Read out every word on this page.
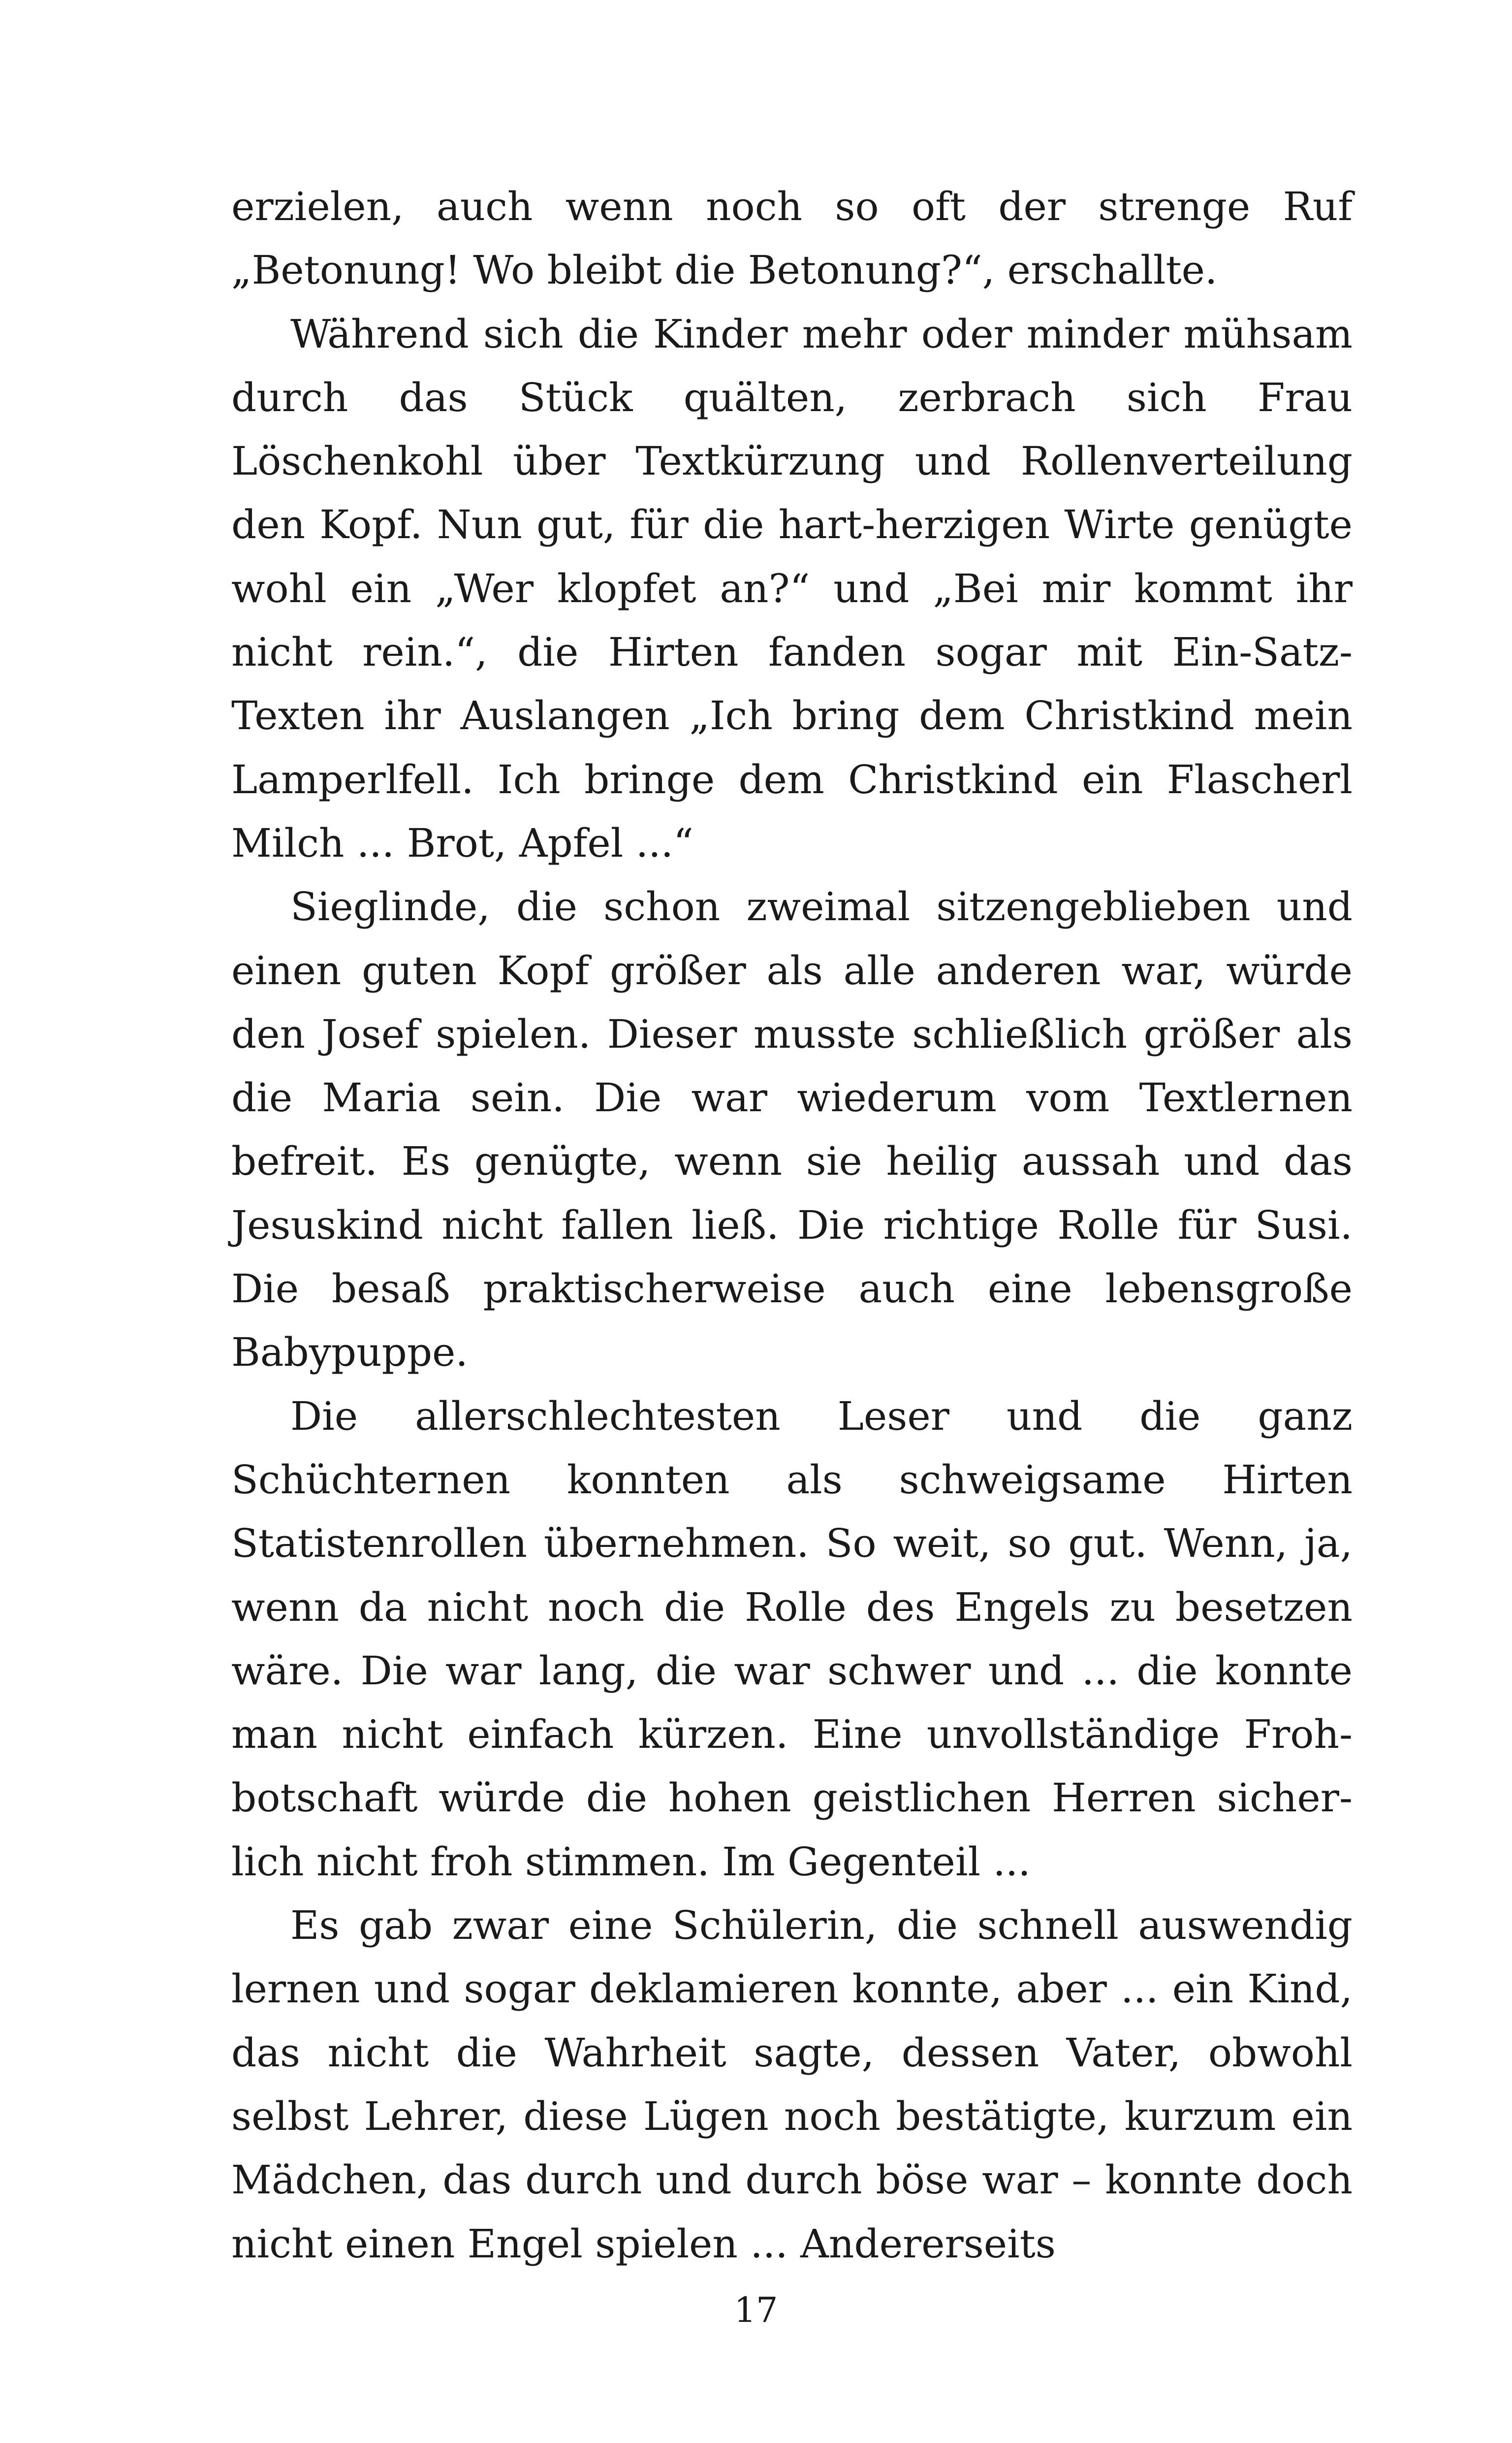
erzielen, auch wenn noch so oft der strenge Ruf „Betonung! Wo bleibt die Betonung?“, erschallte.

Während sich die Kinder mehr oder minder mühsam durch das Stück quälten, zerbrach sich Frau Löschenkohl über Textkürzung und Rollenverteilung den Kopf. Nun gut, für die hart-herzigen Wirte genügte wohl ein „Wer klopfet an?“ und „Bei mir kommt ihr nicht rein.“, die Hirten fanden sogar mit Ein-Satz-Texten ihr Auslangen „Ich bring dem Christkind mein Lamperlfell. Ich bringe dem Christkind ein Flascherl Milch ... Brot, Apfel ...“

Sieglinde, die schon zweimal sitzengeblieben und einen guten Kopf größer als alle anderen war, würde den Josef spielen. Dieser musste schließlich größer als die Maria sein. Die war wiederum vom Textlernen befreit. Es genügte, wenn sie heilig aussah und das Jesuskind nicht fallen ließ. Die richtige Rolle für Susi. Die besaß praktischerweise auch eine lebensgroße Babypuppe.

Die allerschlechtesten Leser und die ganz Schüchternen konnten als schweigsame Hirten Statistenrollen übernehmen. So weit, so gut. Wenn, ja, wenn da nicht noch die Rolle des Engels zu besetzen wäre. Die war lang, die war schwer und ... die konnte man nicht einfach kürzen. Eine unvollständige Frohbotschaft würde die hohen geistlichen Herren sicherlich nicht froh stimmen. Im Gegenteil ...

Es gab zwar eine Schülerin, die schnell auswendig lernen und sogar deklamieren konnte, aber ... ein Kind, das nicht die Wahrheit sagte, dessen Vater, obwohl selbst Lehrer, diese Lügen noch bestätigte, kurzum ein Mädchen, das durch und durch böse war – konnte doch nicht einen Engel spielen ... Andererseits

17
